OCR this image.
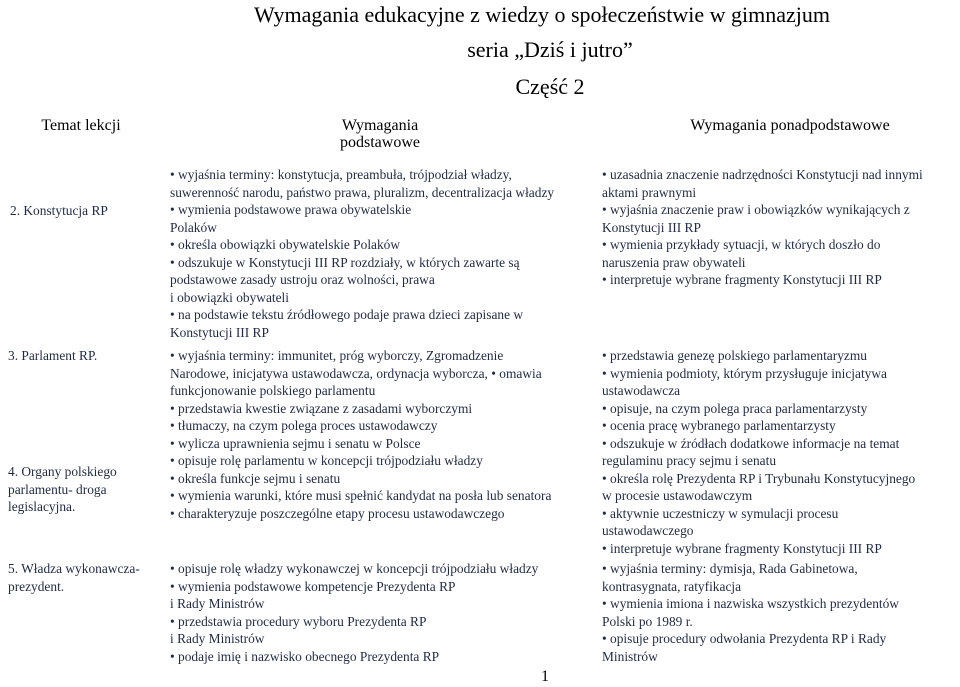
Wymagania edukacyjne z wiedzy o społeczeństwie w gimnazjum
seria „Dziś i jutro”
Część 2
Temat lekcji	Wymagania
podstawowe
Wymagania ponadpodstawowe
2. Konstytucja RP
3. Parlament RP.
4. Organy polskiego
parlamentu- droga
legislacyjna.
5. Władza wykonawcza-
prezydent.
• wyjaśnia terminy: konstytucja, preambuła, trójpodział władzy,
suwerenność narodu, państwo prawa, pluralizm, decentralizacja władzy
• wymienia podstawowe prawa obywatelskie
Polaków
• określa obowiązki obywatelskie Polaków
• odszukuje w Konstytucji III RP rozdziały, w których zawarte są
podstawowe zasady ustroju oraz wolności, prawa
i obowiązki obywateli
• na podstawie tekstu źródłowego podaje prawa dzieci zapisane w
Konstytucji III RP
• uzasadnia znaczenie nadrzędności Konstytucji nad innymi
aktami prawnymi
• wyjaśnia znaczenie praw i obowiązków wynikających z
Konstytucji III RP
• wymienia przykłady sytuacji, w których doszło do
naruszenia praw obywateli
• interpretuje wybrane fragmenty Konstytucji III RP
• wyjaśnia terminy: immunitet, próg wyborczy, Zgromadzenie
Narodowe, inicjatywa ustawodawcza, ordynacja wyborcza, • omawia
funkcjonowanie polskiego parlamentu
• przedstawia kwestie związane z zasadami wyborczymi
• tłumaczy, na czym polega proces ustawodawczy
• wylicza uprawnienia sejmu i senatu w Polsce
• opisuje rolę parlamentu w koncepcji trójpodziału władzy
• określa funkcje sejmu i senatu
• wymienia warunki, które musi spełnić kandydat na posła lub senatora
• charakteryzuje poszczególne etapy procesu ustawodawczego
• przedstawia genezę polskiego parlamentaryzmu
• wymienia podmioty, którym przysługuje inicjatywa
ustawodawcza
• opisuje, na czym polega praca parlamentarzysty
• ocenia pracę wybranego parlamentarzysty
• odszukuje w źródłach dodatkowe informacje na temat
regulaminu pracy sejmu i senatu
• określa rolę Prezydenta RP i Trybunału Konstytucyjnego
w procesie ustawodawczym
• aktywnie uczestniczy w symulacji procesu
ustawodawczego
• interpretuje wybrane fragmenty Konstytucji III RP
• opisuje rolę władzy wykonawczej w koncepcji trójpodziału władzy
• wymienia podstawowe kompetencje Prezydenta RP
i Rady Ministrów
• przedstawia procedury wyboru Prezydenta RP
i Rady Ministrów
• podaje imię i nazwisko obecnego Prezydenta RP
• wyjaśnia terminy: dymisja, Rada Gabinetowa,
kontrasygnata, ratyfikacja
• wymienia imiona i nazwiska wszystkich prezydentów
Polski po 1989 r.
• opisuje procedury odwołania Prezydenta RP i Rady
Ministrów
1
